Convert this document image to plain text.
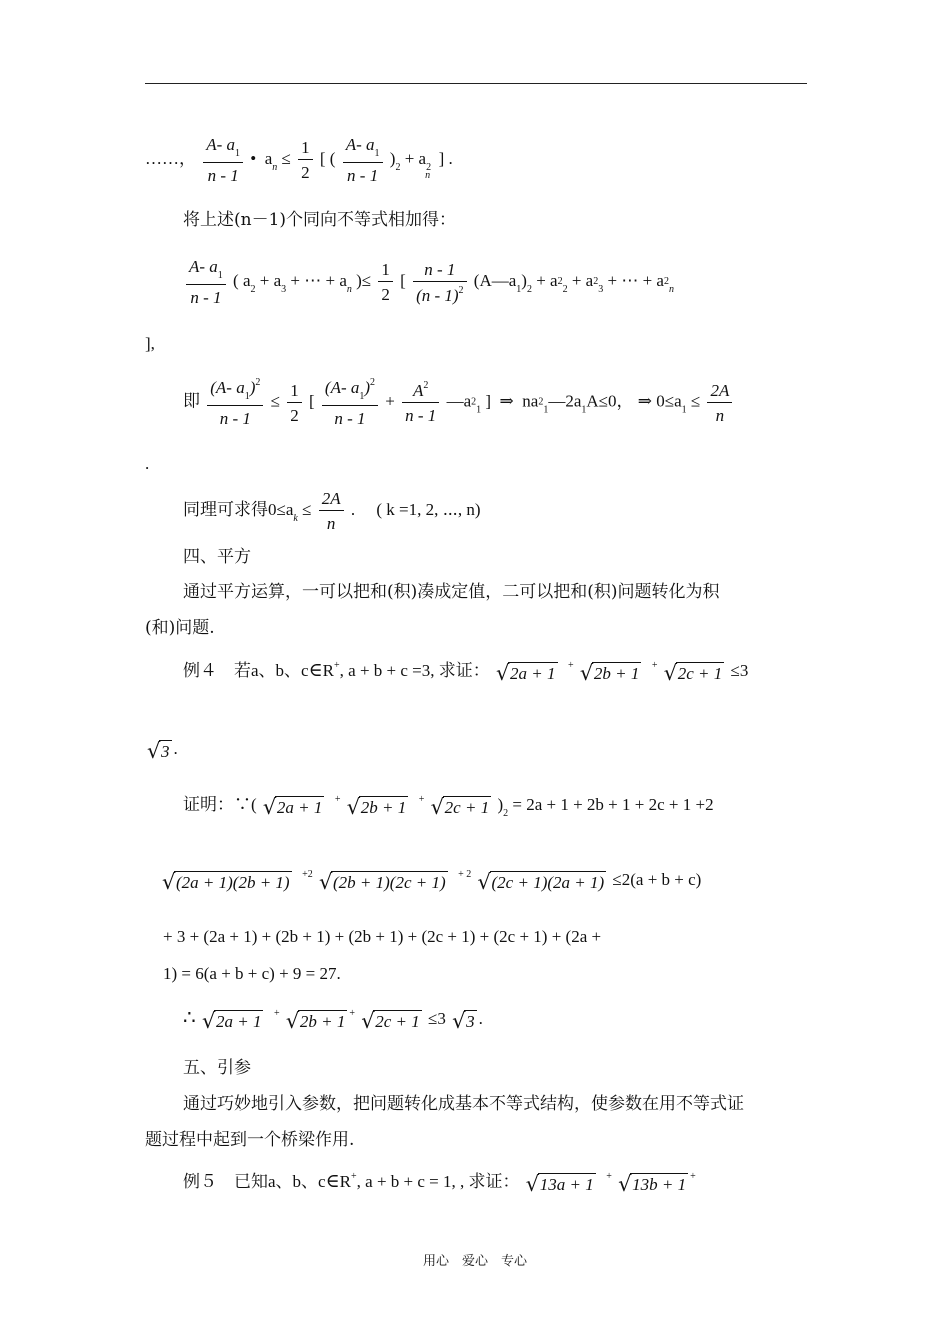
……， $\frac{A- a_1}{n - 1}$ • $a_n \le \frac{1}{2}$ [ ( $\frac{A- a_1}{n - 1} )_2 + a_{2n}$  ] .
将上述(n－1)个同向不等式相加得：
$\frac{A- a_1}{n - 1}$ ( $a_2 + a_3$ + ⋯ + $a_n$ )≤ $\frac{1}{2}$ [ $\frac{n - 1}{(n - 1)^2}$ $(A—a_1)_2 + a^2_2 + a^2_3$ + ⋯ + $a^2_n$
],
即 $\frac{(A- a_1)^2}{n - 1} \le \frac{1}{2}$ [ $\frac{(A- a_1)^2}{n - 1} + \frac{A^2}{n - 1}$ $—a^2_1$ ] ⇒ $na^2_1—2a_1A\le 0$， ⇒ $0\le a_1 \le \frac{2A}{n}$
.
同理可求得$0\le a_k \le \frac{2A}{n}$ .　 ( k =1, 2, ⋯, n)
四、平方
通过平方运算，一可以把和(积)凑成定值，二可以把和(积)问题转化为积
(和)问题.
例４　若a、b、c∈R+, a + b + c =3, 求证： √ 2a + 1 + √ 2b + 1 + √ 2c + 1 ≤3
√ 3 .
证明：∵( √ 2a + 1 + √ 2b + 1 + √ 2c + 1 )$_2 = 2a + 1 + 2b + 1 + 2c + 1 +2$
√ (2a + 1)(2b + 1) $^{+2}$ √ (2b + 1)(2c + 1) $^{+ 2}$ √ (2c + 1)(2a + 1) ≤2(a + b + c)
+ 3 + (2a + 1) + (2b + 1) + (2b + 1) + (2c + 1) + (2c + 1) + (2a +
1) = 6(a + b + c) + 9 = 27.
∴ √ 2a + 1 + √ 2b + 1 + √ 2c + 1 ≤3 √ 3 .
五、引参
通过巧妙地引入参数，把问题转化成基本不等式结构，使参数在用不等式证
题过程中起到一个桥梁作用.
例５　已知a、b、c∈R+, a + b + c = 1, , 求证： √ 13a + 1 + √ 13b + 1 +
用心　爱心　专心
